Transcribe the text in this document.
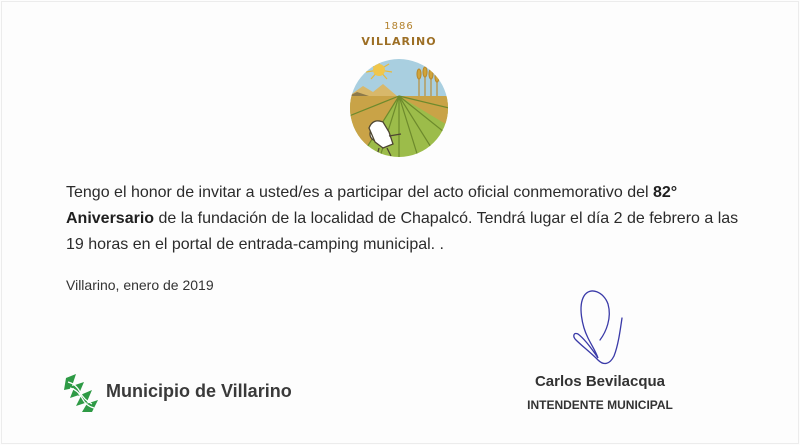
1886
VILLARINO
Tengo el honor de invitar a usted/es a participar del acto oficial conmemorativo del 82° Aniversario de la fundación de la localidad de Chapalcó. Tendrá lugar el día 2 de febrero a las 19 horas en el portal de entrada-camping municipal. .
Villarino, enero de 2019
Carlos Bevilacqua
INTENDENTE MUNICIPAL
Municipio de Villarino
